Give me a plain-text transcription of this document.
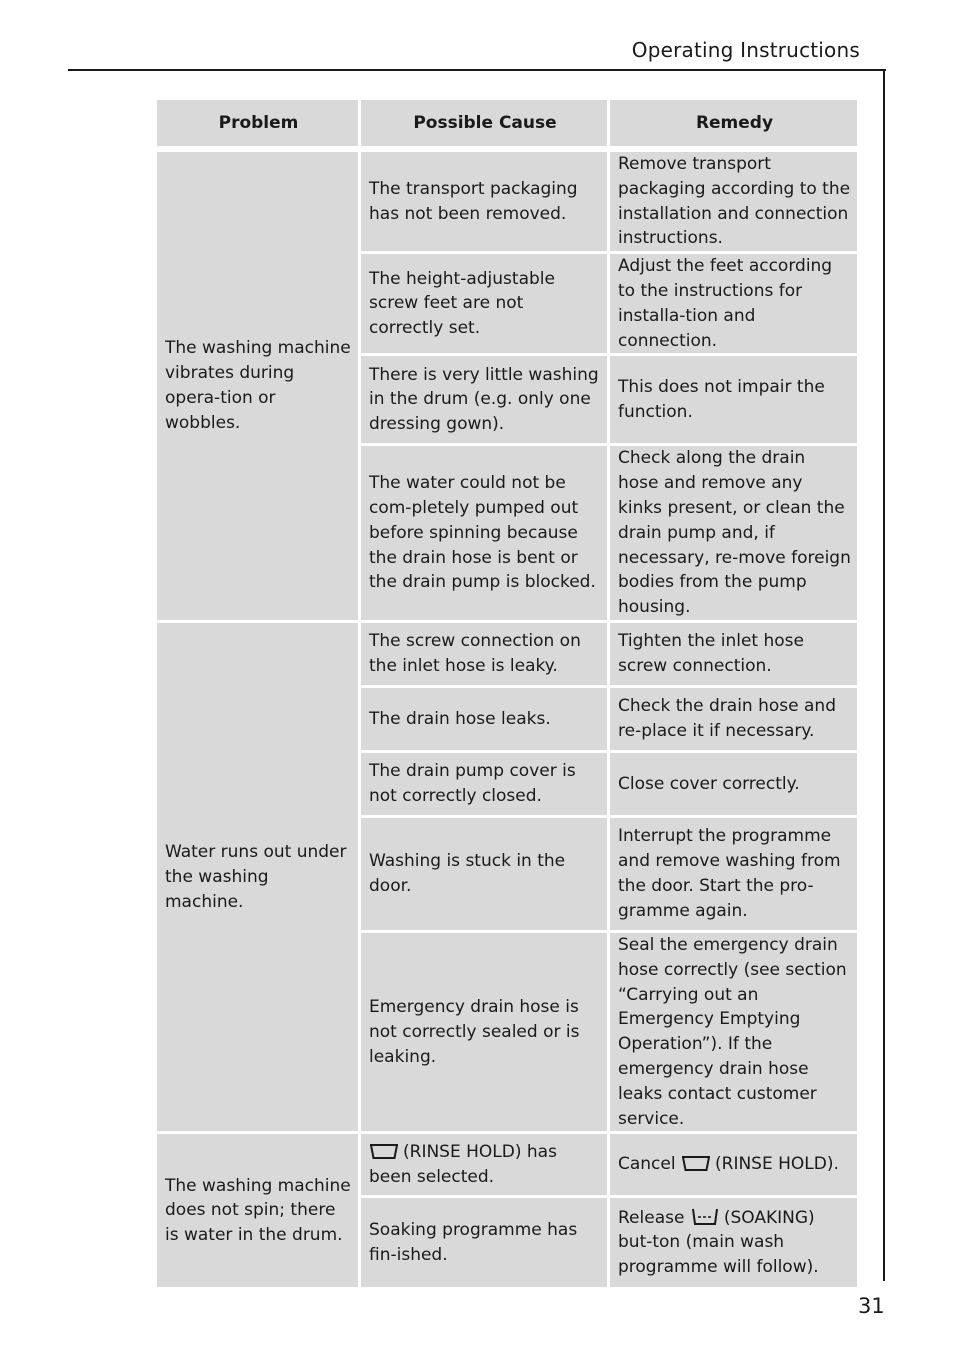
Operating Instructions
Problem	Possible Cause	Remedy

The washing machine vibrates during opera-tion or wobbles.	The transport packaging has not been removed.	Remove transport packaging according to the installation and connection instructions.
	The height-adjustable screw feet are not correctly set.	Adjust the feet according to the instructions for installa-tion and connection.
	There is very little washing in the drum (e.g. only one dressing gown).	This does not impair the function.
	The water could not be com-pletely pumped out before spinning because the drain hose is bent or the drain pump is blocked.	Check along the drain hose and remove any kinks present, or clean the drain pump and, if necessary, re-move foreign bodies from the pump housing.
Water runs out under the washing machine.	The screw connection on the inlet hose is leaky.	Tighten the inlet hose screw connection.
	The drain hose leaks.	Check the drain hose and re-place it if necessary.
	The drain pump cover is not correctly closed.	Close cover correctly.
	Washing is stuck in the door.	Interrupt the programme and remove washing from the door. Start the pro-gramme again.
	Emergency drain hose is not correctly sealed or is leaking.	Seal the emergency drain hose correctly (see section “Carrying out an Emergency Emptying Operation”). If the emergency drain hose leaks contact customer service.
The washing machine does not spin; there is water in the drum.	(RINSE HOLD) has been selected.	Cancel (RINSE HOLD).
	Soaking programme has fin-ished.	Release (SOAKING) but-ton (main wash programme will follow).
31
